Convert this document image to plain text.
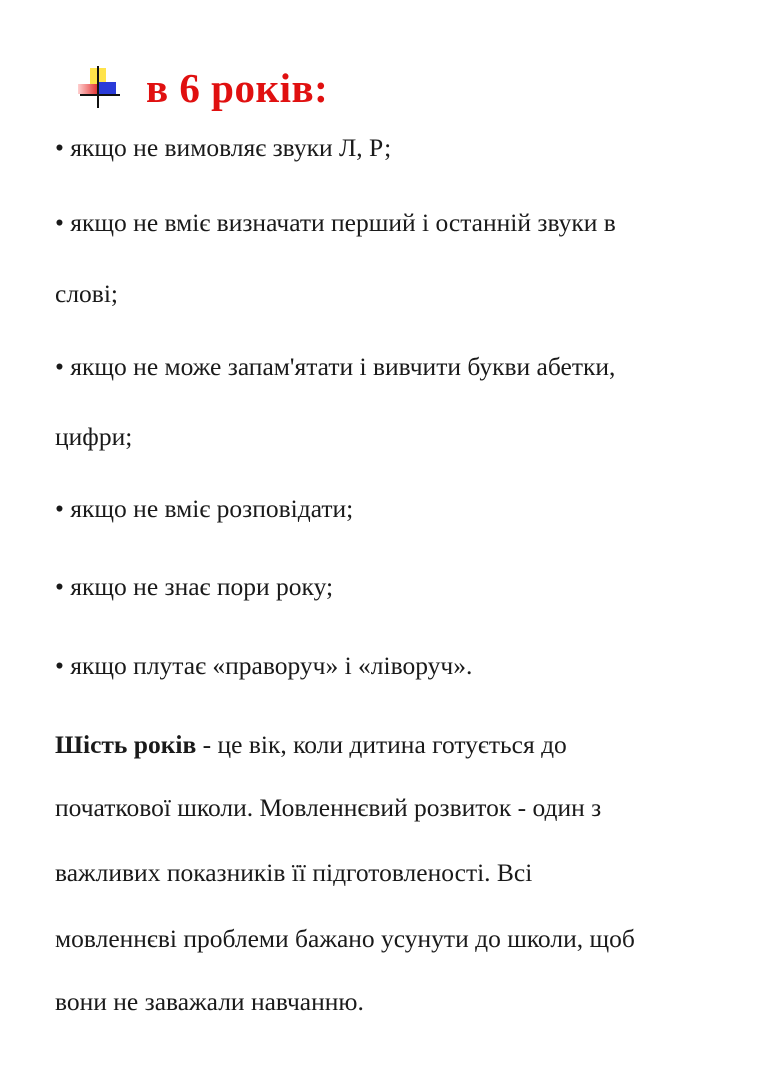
в 6 років:
• якщо не вимовляє звуки Л, Р;
• якщо не вміє визначати перший і останній звуки в
слові;
• якщо не може запам'ятати і вивчити букви абетки,
цифри;
• якщо не вміє розповідати;
• якщо не знає пори року;
• якщо плутає «праворуч» і «ліворуч».
Шість років - це вік, коли дитина готується до
початкової школи. Мовленнєвий розвиток - один з
важливих показників її підготовленості. Всі
мовленнєві проблеми бажано усунути до школи, щоб
вони не заважали навчанню.
